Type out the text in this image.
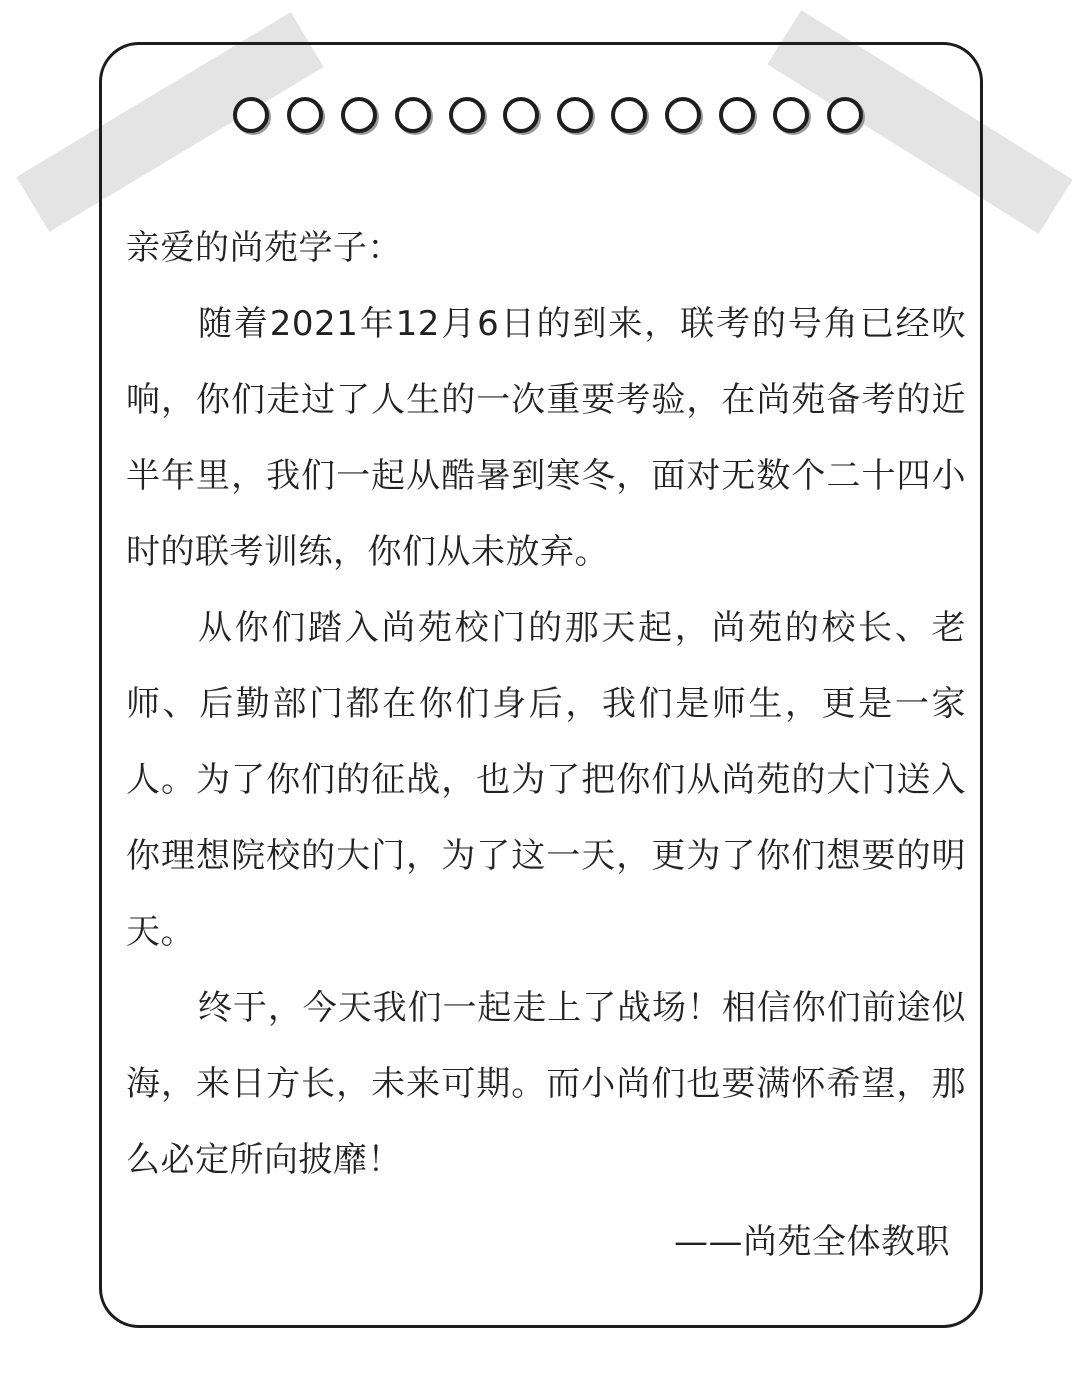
亲爱的尚苑学子：

随着2021年12月6日的到来，联考的号角已经吹响，你们走过了人生的一次重要考验，在尚苑备考的近半年里，我们一起从酷暑到寒冬，面对无数个二十四小时的联考训练，你们从未放弃。

从你们踏入尚苑校门的那天起，尚苑的校长、老师、后勤部门都在你们身后，我们是师生，更是一家人。为了你们的征战，也为了把你们从尚苑的大门送入你理想院校的大门，为了这一天，更为了你们想要的明天。

终于，今天我们一起走上了战场！相信你们前途似海，来日方长，未来可期。而小尚们也要满怀希望，那么必定所向披靡！

——尚苑全体教职
